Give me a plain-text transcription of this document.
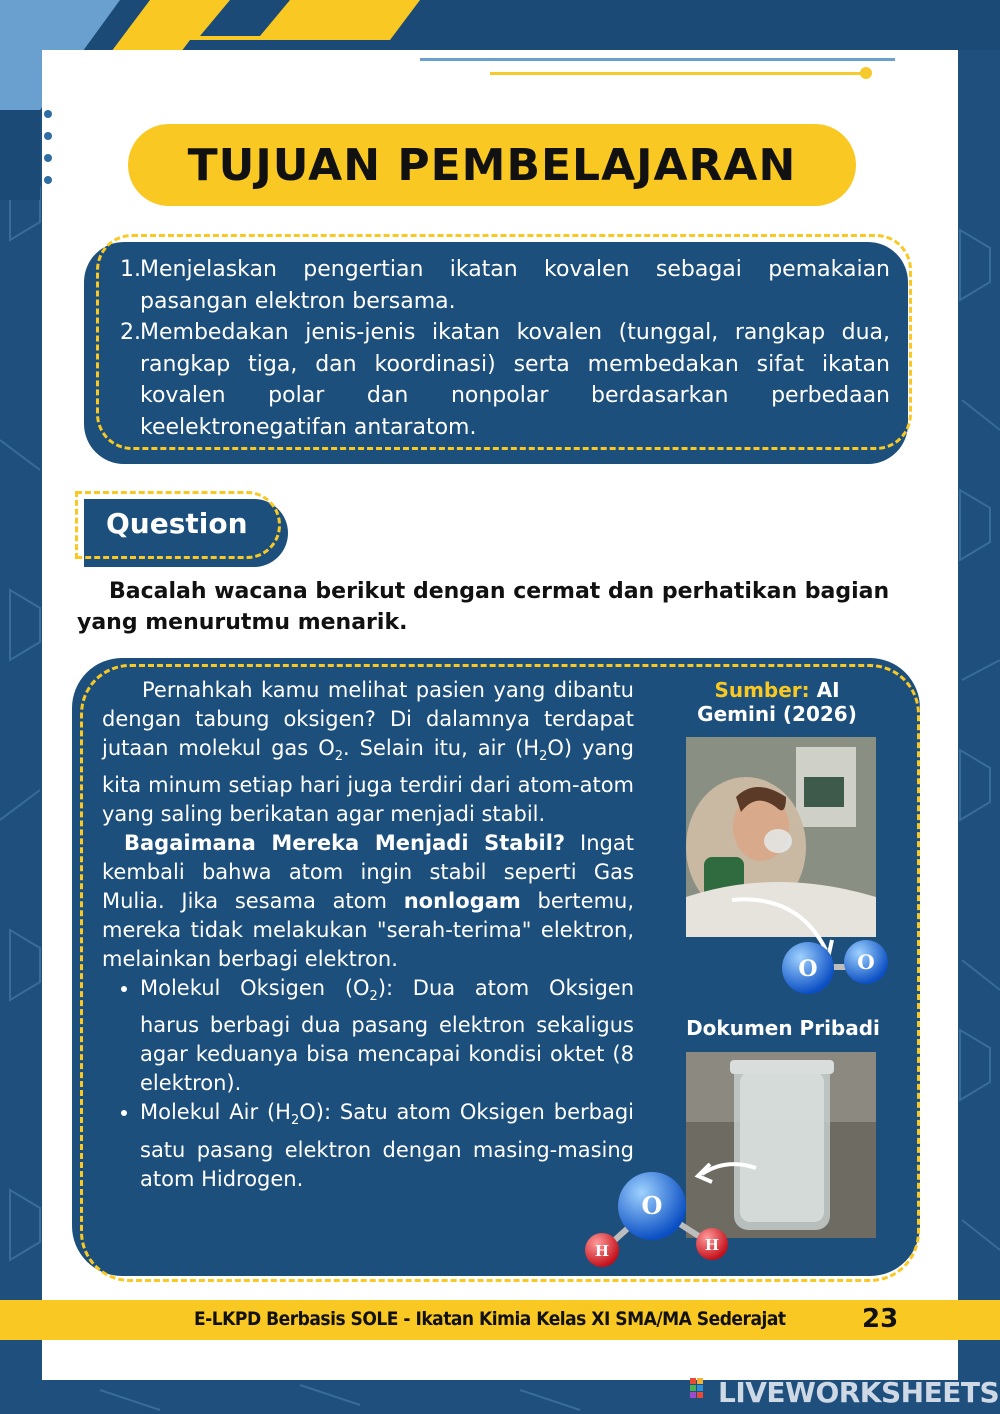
TUJUAN PEMBELAJARAN
1. Menjelaskan pengertian ikatan kovalen sebagai pemakaian pasangan elektron bersama.
2. Membedakan jenis-jenis ikatan kovalen (tunggal, rangkap dua, rangkap tiga, dan koordinasi) serta membedakan sifat ikatan kovalen polar dan nonpolar berdasarkan perbedaan keelektronegatifan antaratom.
Question
Bacalah wacana berikut dengan cermat dan perhatikan bagian yang menurutmu menarik.

Pernahkah kamu melihat pasien yang dibantu dengan tabung oksigen? Di dalamnya terdapat jutaan molekul gas $O_2$. Selain itu, air $(H_2O)$ yang kita minum setiap hari juga terdiri dari atom-atom yang saling berikatan agar menjadi stabil.

Bagaimana Mereka Menjadi Stabil? Ingat kembali bahwa atom ingin stabil seperti Gas Mulia. Jika sesama atom nonlogam bertemu, mereka tidak melakukan "serah-terima" elektron, melainkan berbagi elektron.

• Molekul Oksigen $(O_2)$: Dua atom Oksigen harus berbagi dua pasang elektron sekaligus agar keduanya bisa mencapai kondisi oktet (8 elektron).
• Molekul Air $(H_2O)$: Satu atom Oksigen berbagi satu pasang elektron dengan masing-masing atom Hidrogen.
Sumber: AI Gemini (2026)
O O
Dokumen Pribadi
O
H	H
E-LKPD Berbasis SOLE - Ikatan Kimia Kelas XI SMA/MA Sederajat	23
LIVEWORKSHEETS
